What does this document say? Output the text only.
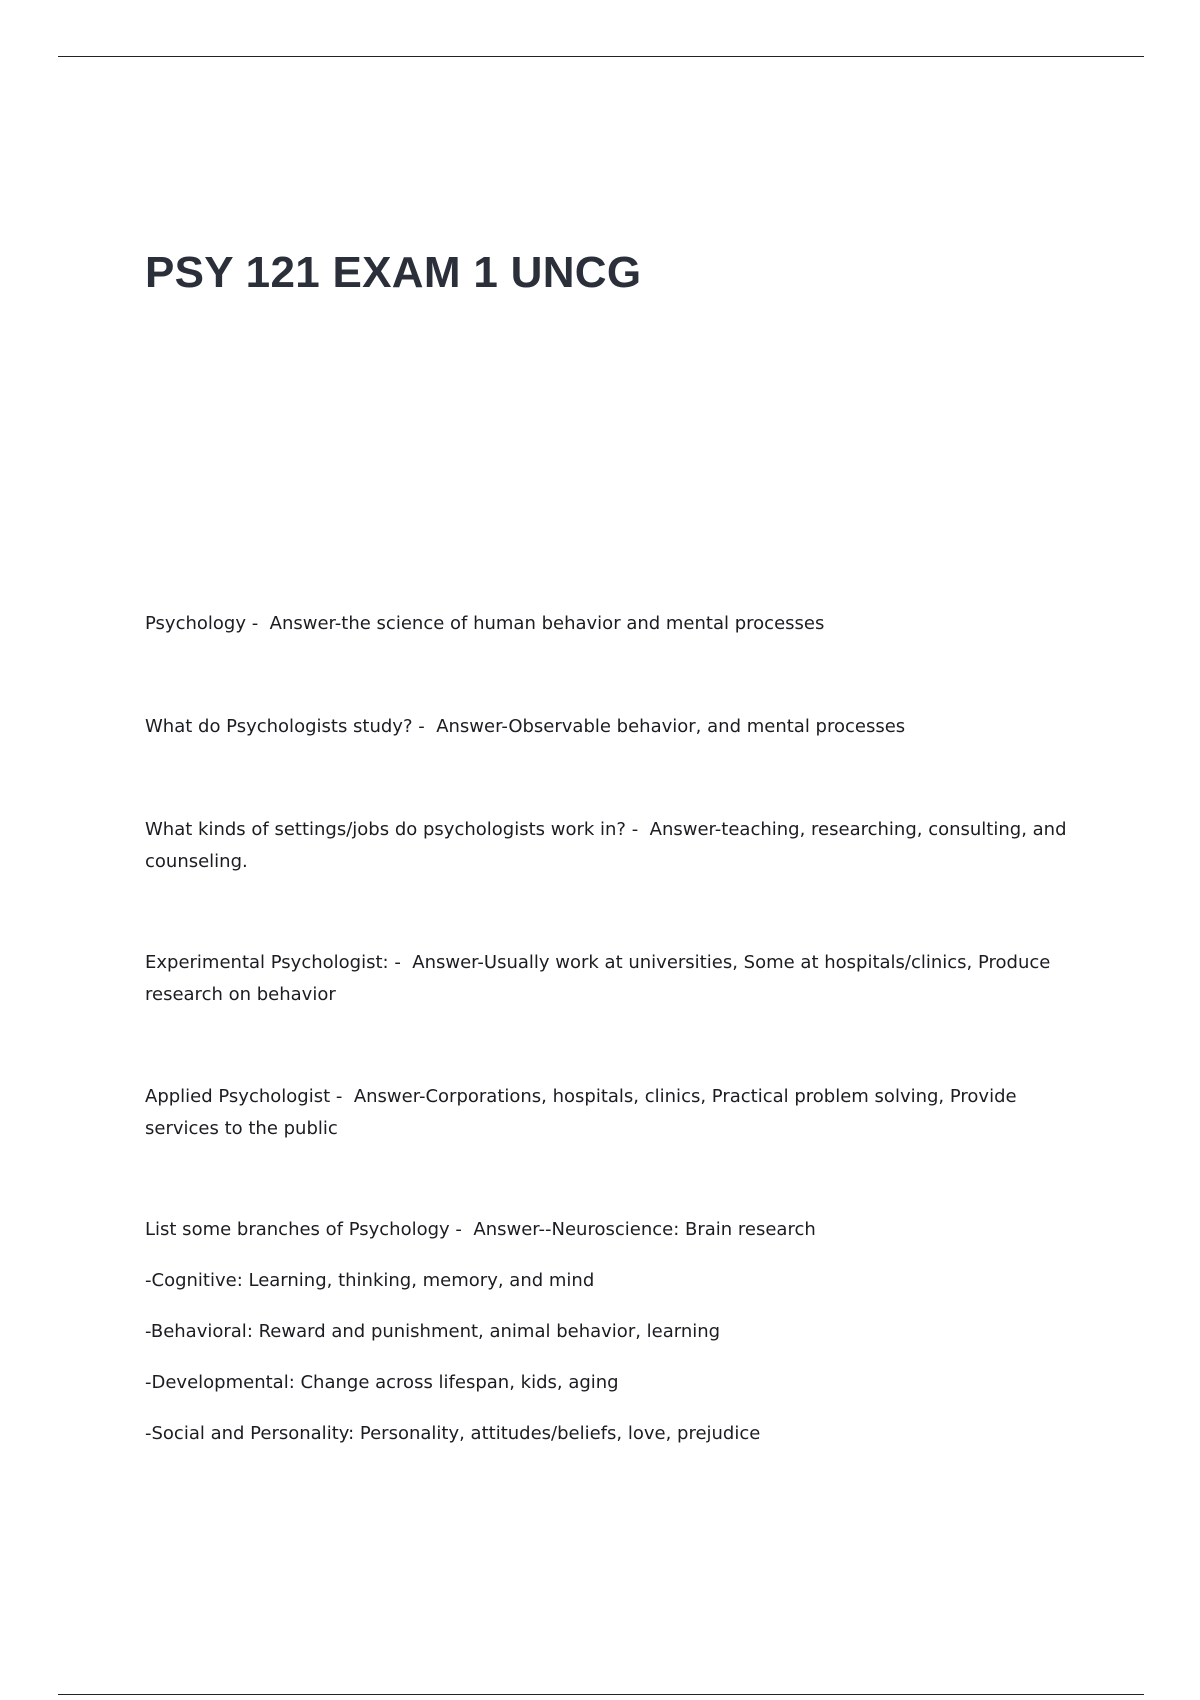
PSY 121 EXAM 1 UNCG

Psychology - Answer-the science of human behavior and mental processes

What do Psychologists study? - Answer-Observable behavior, and mental processes

What kinds of settings/jobs do psychologists work in? - Answer-teaching, researching, consulting, and counseling.

Experimental Psychologist: - Answer-Usually work at universities, Some at hospitals/clinics, Produce research on behavior

Applied Psychologist - Answer-Corporations, hospitals, clinics, Practical problem solving, Provide services to the public

List some branches of Psychology - Answer--Neuroscience: Brain research

-Cognitive: Learning, thinking, memory, and mind

-Behavioral: Reward and punishment, animal behavior, learning

-Developmental: Change across lifespan, kids, aging

-Social and Personality: Personality, attitudes/beliefs, love, prejudice
